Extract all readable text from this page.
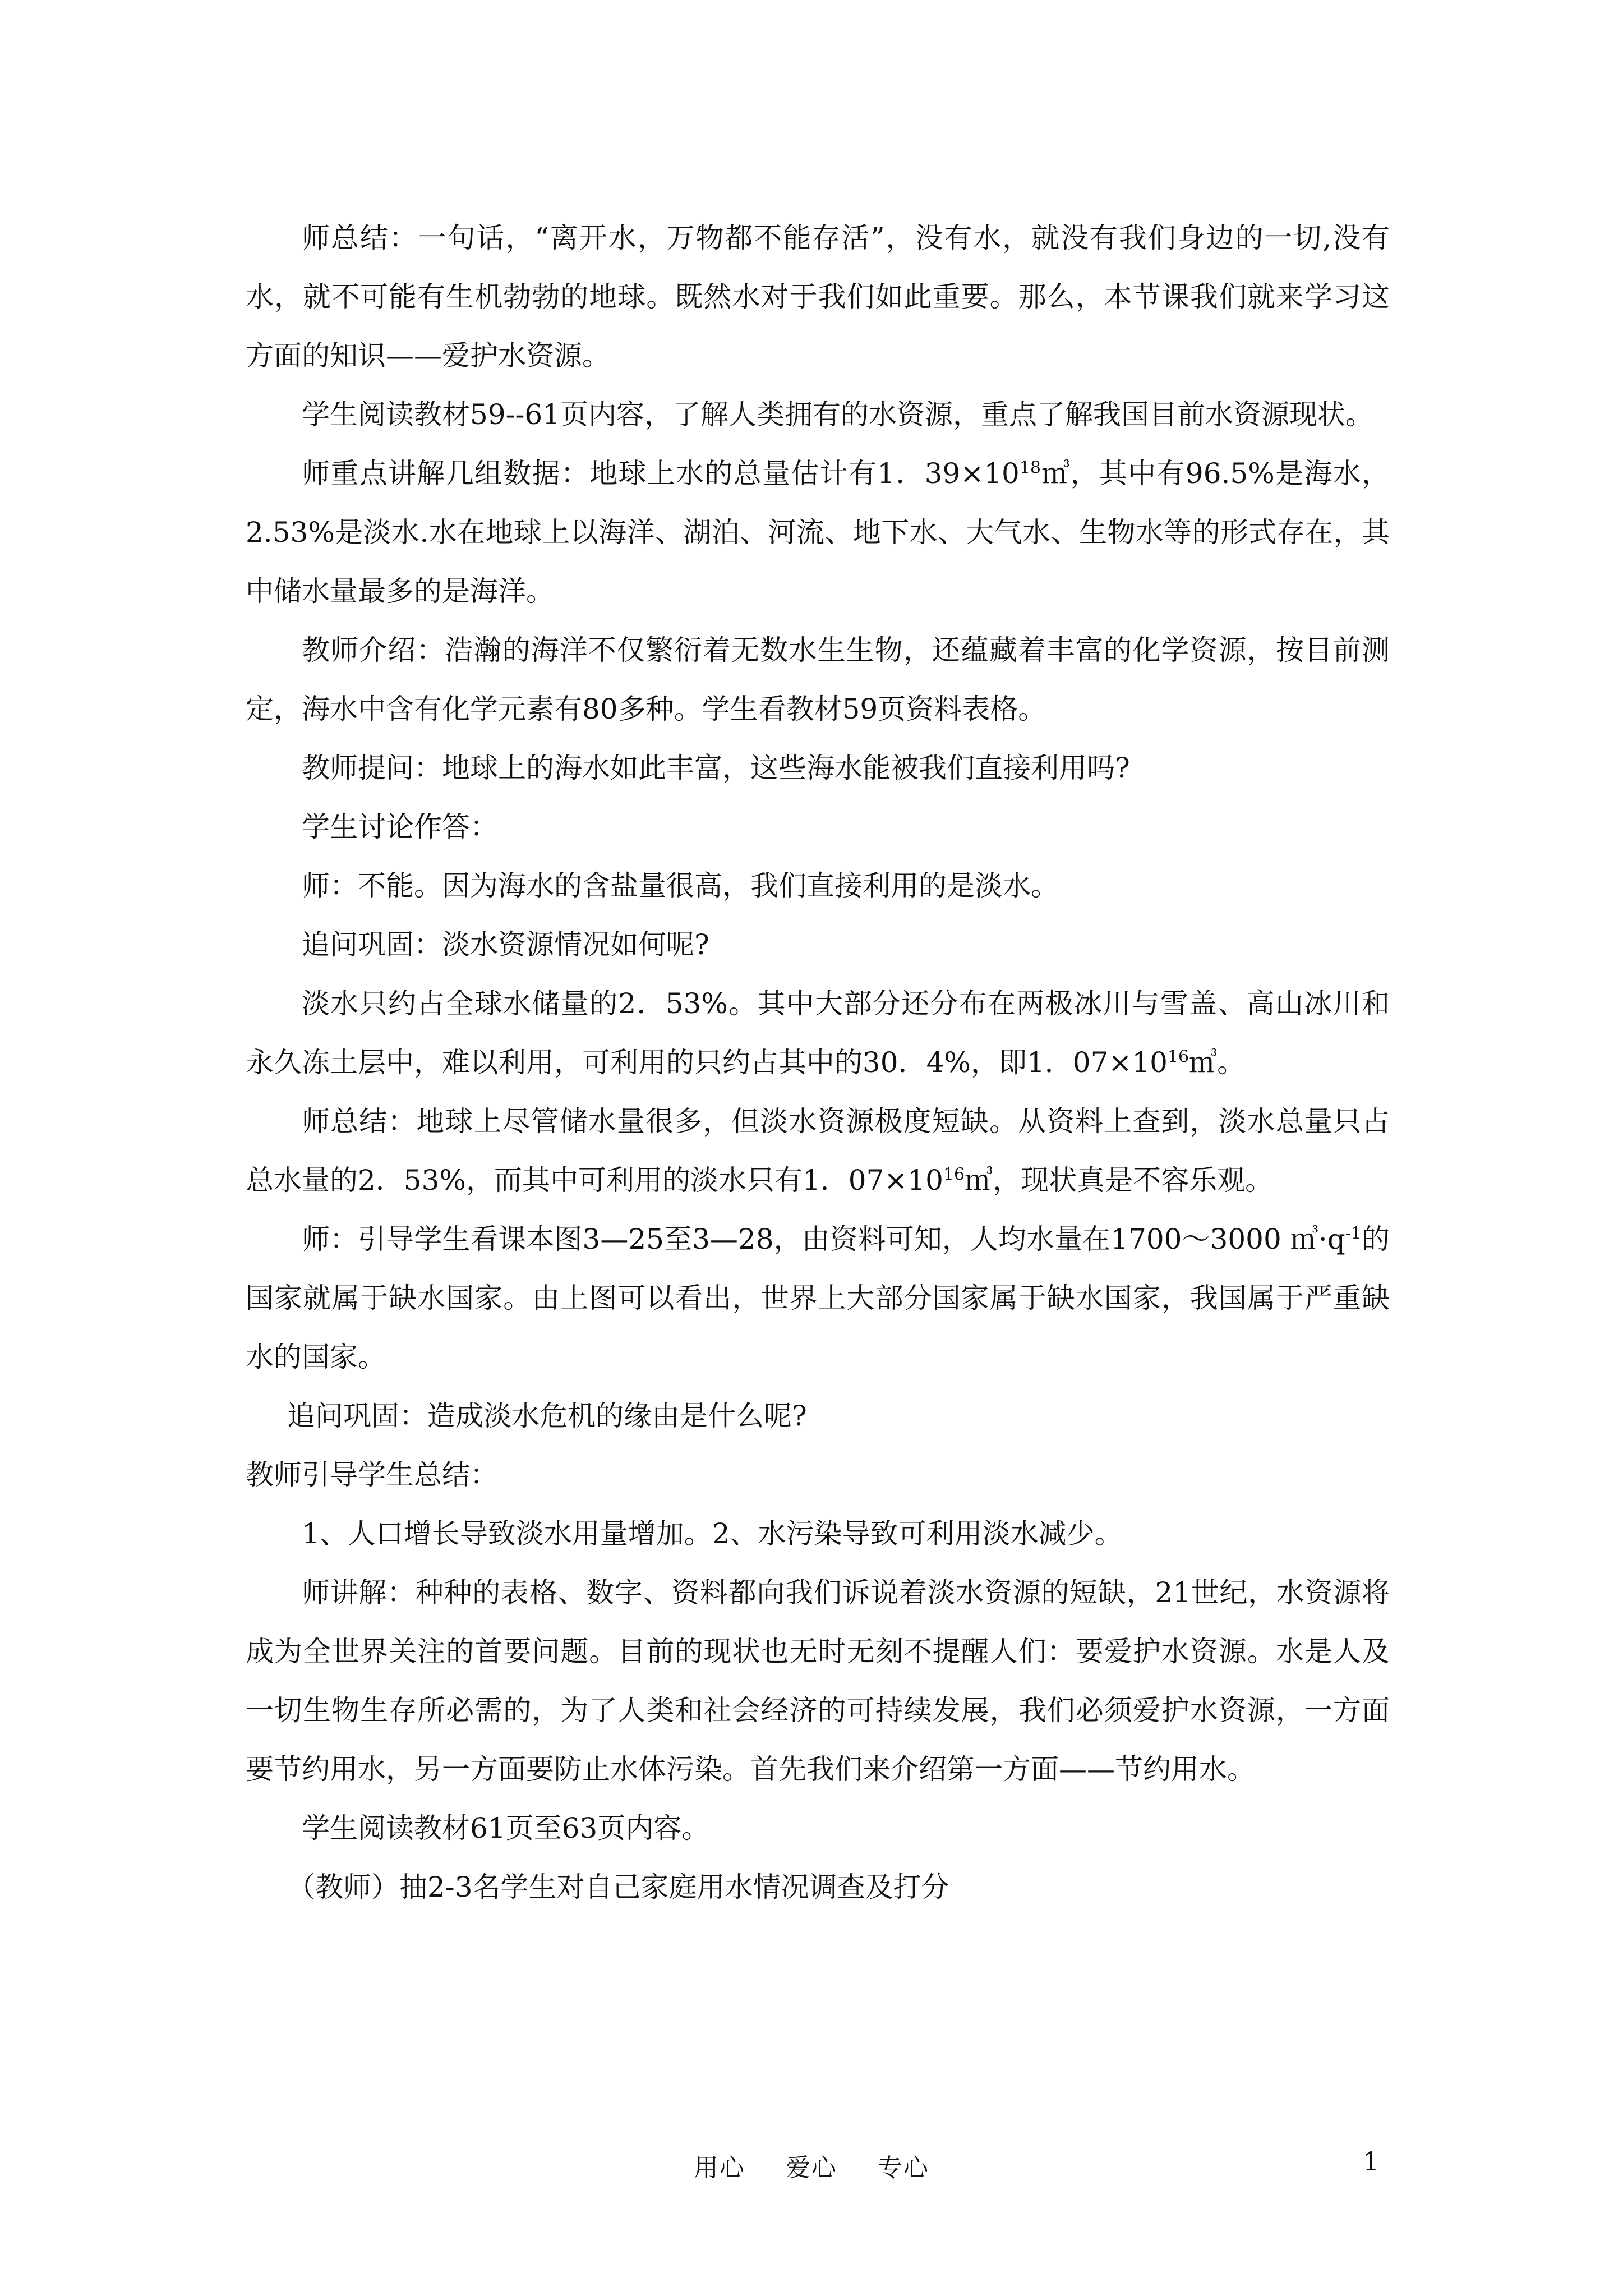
师总结：一句话，“离开水，万物都不能存活”，没有水，就没有我们身边的一切,没有水，就不可能有生机勃勃的地球。既然水对于我们如此重要。那么，本节课我们就来学习这方面的知识——爱护水资源。

学生阅读教材59--61页内容，了解人类拥有的水资源，重点了解我国目前水资源现状。

师重点讲解几组数据：地球上水的总量估计有1．$39\times 10^{18}㎥$，其中有96.5%是海水，2.53%是淡水.水在地球上以海洋、湖泊、河流、地下水、大气水、生物水等的形式存在，其中储水量最多的是海洋。

教师介绍：浩瀚的海洋不仅繁衍着无数水生生物，还蕴藏着丰富的化学资源，按目前测定，海水中含有化学元素有80多种。学生看教材59页资料表格。

教师提问：地球上的海水如此丰富，这些海水能被我们直接利用吗?

学生讨论作答：

师：不能。因为海水的含盐量很高，我们直接利用的是淡水。

追问巩固：淡水资源情况如何呢?

淡水只约占全球水储量的2．53%。其中大部分还分布在两极冰川与雪盖、高山冰川和永久冻土层中，难以利用，可利用的只约占其中的30．4%，即1．$07\times 10^{16}㎥$。

师总结：地球上尽管储水量很多，但淡水资源极度短缺。从资料上查到，淡水总量只占总水量的2．53%，而其中可利用的淡水只有1．$07\times 10^{16}㎥$，现状真是不容乐观。

师：引导学生看课本图3—25至3—28，由资料可知，人均水量在1700～3000 $㎥\cdot q^{-1}$的国家就属于缺水国家。由上图可以看出，世界上大部分国家属于缺水国家，我国属于严重缺水的国家。

追问巩固：造成淡水危机的缘由是什么呢?

教师引导学生总结：

1、人口增长导致淡水用量增加。2、水污染导致可利用淡水减少。

师讲解：种种的表格、数字、资料都向我们诉说着淡水资源的短缺，21世纪，水资源将成为全世界关注的首要问题。目前的现状也无时无刻不提醒人们：要爱护水资源。水是人及一切生物生存所必需的，为了人类和社会经济的可持续发展，我们必须爱护水资源，一方面要节约用水，另一方面要防止水体污染。首先我们来介绍第一方面——节约用水。

学生阅读教材61页至63页内容。

（教师）抽2-3名学生对自己家庭用水情况调查及打分

用心 爱心 专心	1
